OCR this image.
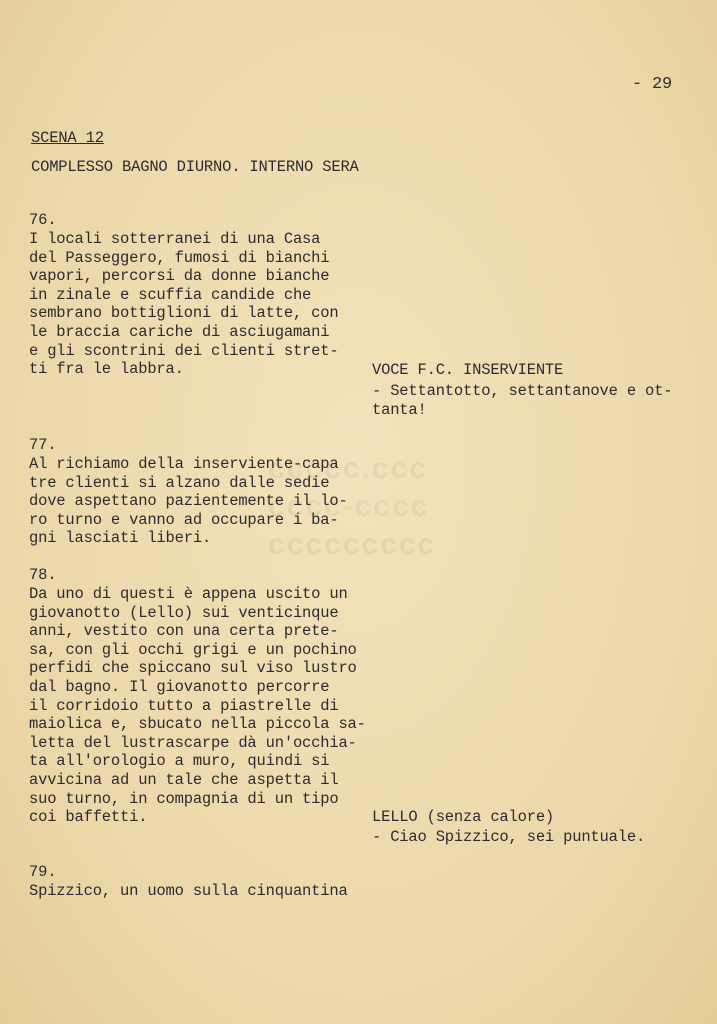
ccccc.ccc
cccc-cccc
ccccccccc

- 29

SCENA 12

COMPLESSO BAGNO DIURNO. INTERNO SERA

76.

I locali sotterranei di una Casa
del Passeggero, fumosi di bianchi
vapori, percorsi da donne bianche
in zinale e scuffia candide che
sembrano bottiglioni di latte, con
le braccia cariche di asciugamani
e gli scontrini dei clienti stret-
ti fra le labbra.	VOCE F.C. INSERVIENTE

- Settantotto, settantanove e ot-
tanta!

77.

Al richiamo della inserviente-capa
tre clienti si alzano dalle sedie
dove aspettano pazientemente il lo-
ro turno e vanno ad occupare i ba-
gni lasciati liberi.

78.

Da uno di questi è appena uscito un
giovanotto (Lello) sui venticinque
anni, vestito con una certa prete-
sa, con gli occhi grigi e un pochino
perfidi che spiccano sul viso lustro
dal bagno. Il giovanotto percorre
il corridoio tutto a piastrelle di
maiolica e, sbucato nella piccola sa-
letta del lustrascarpe dà un'occhia-
ta all'orologio a muro, quindi si
avvicina ad un tale che aspetta il
suo turno, in compagnia di un tipo
coi baffetti.	LELLO (senza calore)

- Ciao Spizzico, sei puntuale.

79.

Spizzico, un uomo sulla cinquantina
